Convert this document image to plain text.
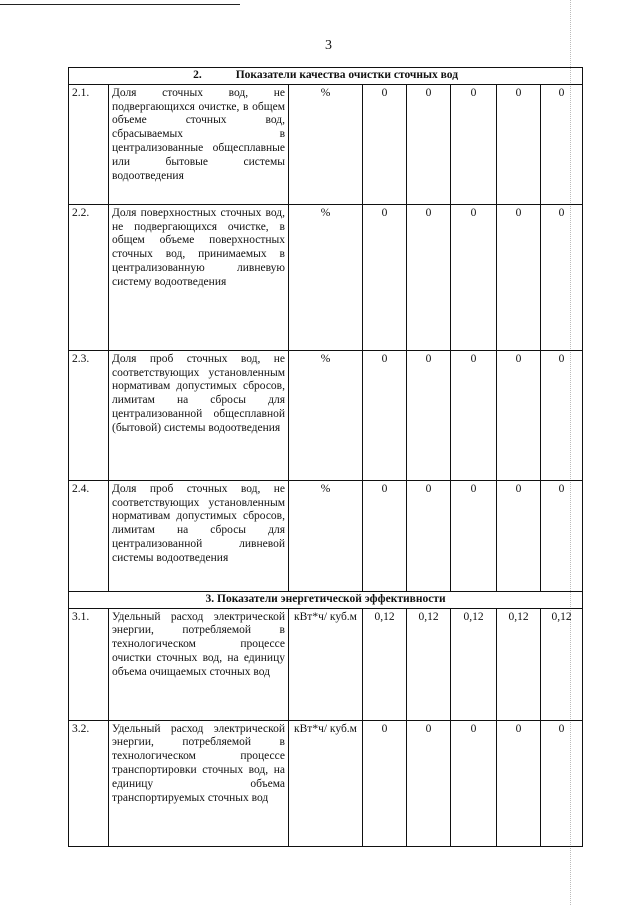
3
2. Показатели качества очистки сточных вод							
2.1.	Доля сточных вод, не подвергающихся очистке, в общем объеме сточных вод, сбрасываемых в централизованные общесплавные или бытовые системы водоотведения	%	0	0	0	0	0
2.2.	Доля поверхностных сточных вод, не подвергающихся очистке, в общем объеме поверхностных сточных вод, принимаемых в централизованную ливневую систему водоотведения	%	0	0	0	0	0
2.3.	Доля проб сточных вод, не соответствующих установленным нормативам допустимых сбросов, лимитам на сбросы для централизованной общесплавной (бытовой) системы водоотведения	%	0	0	0	0	0
2.4.	Доля проб сточных вод, не соответствующих установленным нормативам допустимых сбросов, лимитам на сбросы для централизованной ливневой системы водоотведения	%	0	0	0	0	0
3. Показатели энергетической эффективности							
3.1.	Удельный расход электрической энергии, потребляемой в технологическом процессе очистки сточных вод, на единицу объема очищаемых сточных вод	кВт*ч/ куб.м	0,12	0,12	0,12	0,12	0,12
3.2.	Удельный расход электрической энергии, потребляемой в технологическом процессе транспортировки сточных вод, на единицу объема транспортируемых сточных вод	кВт*ч/ куб.м	0	0	0	0	0
